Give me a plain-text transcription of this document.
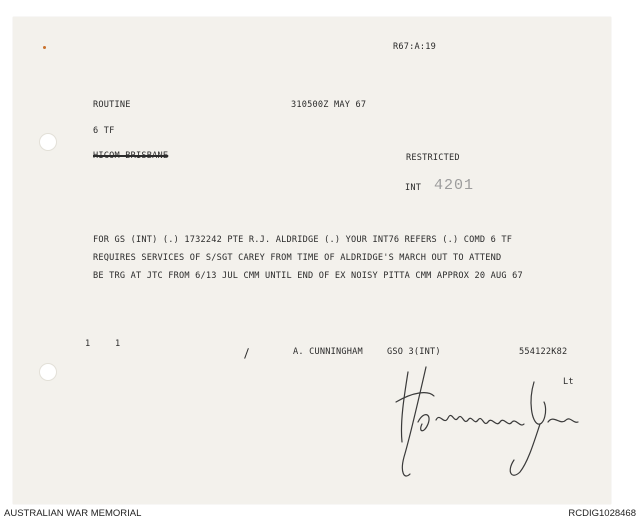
R67:A:19
ROUTINE	310500Z MAY 67
6 TF
HICOM BRISBANE	RESTRICTED
INT 4201
FOR GS (INT) (.) 1732242 PTE R.J. ALDRIDGE (.) YOUR INT76 REFERS (.) COMD 6 TF
REQUIRES SERVICES OF S/SGT CAREY FROM TIME OF ALDRIDGE'S MARCH OUT TO ATTEND
BE TRG AT JTC FROM 6/13 JUL CMM UNTIL END OF EX NOISY PITTA CMM APPROX 20 AUG 67
1	1
A. CUNNINGHAM	GSO 3(INT)	554122K82
Lt
AUSTRALIAN WAR MEMORIAL	RCDIG1028468
